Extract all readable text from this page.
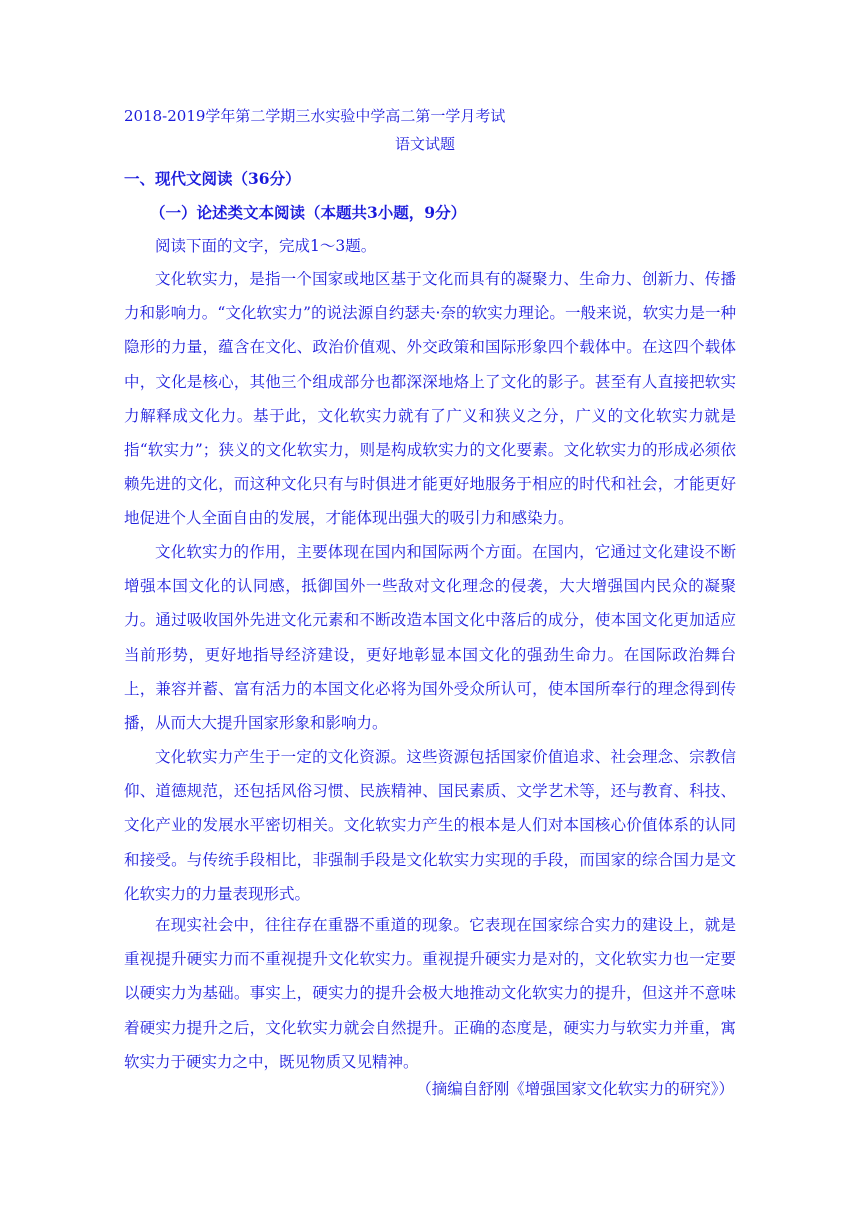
2018-2019学年第二学期三水实验中学高二第一学月考试
语文试题
一、现代文阅读（36分）
（一）论述类文本阅读（本题共3小题，9分）
阅读下面的文字，完成1～3题。

文化软实力，是指一个国家或地区基于文化而具有的凝聚力、生命力、创新力、传播力和影响力。“文化软实力”的说法源自约瑟夫·奈的软实力理论。一般来说，软实力是一种隐形的力量，蕴含在文化、政治价值观、外交政策和国际形象四个载体中。在这四个载体中，文化是核心，其他三个组成部分也都深深地烙上了文化的影子。甚至有人直接把软实力解释成文化力。基于此，文化软实力就有了广义和狭义之分，广义的文化软实力就是指“软实力”；狭义的文化软实力，则是构成软实力的文化要素。文化软实力的形成必须依赖先进的文化，而这种文化只有与时俱进才能更好地服务于相应的时代和社会，才能更好地促进个人全面自由的发展，才能体现出强大的吸引力和感染力。

文化软实力的作用，主要体现在国内和国际两个方面。在国内，它通过文化建设不断增强本国文化的认同感，抵御国外一些敌对文化理念的侵袭，大大增强国内民众的凝聚力。通过吸收国外先进文化元素和不断改造本国文化中落后的成分，使本国文化更加适应当前形势，更好地指导经济建设，更好地彰显本国文化的强劲生命力。在国际政治舞台上，兼容并蓄、富有活力的本国文化必将为国外受众所认可，使本国所奉行的理念得到传播，从而大大提升国家形象和影响力。

文化软实力产生于一定的文化资源。这些资源包括国家价值追求、社会理念、宗教信仰、道德规范，还包括风俗习惯、民族精神、国民素质、文学艺术等，还与教育、科技、文化产业的发展水平密切相关。文化软实力产生的根本是人们对本国核心价值体系的认同和接受。与传统手段相比，非强制手段是文化软实力实现的手段，而国家的综合国力是文化软实力的力量表现形式。

在现实社会中，往往存在重器不重道的现象。它表现在国家综合实力的建设上，就是重视提升硬实力而不重视提升文化软实力。重视提升硬实力是对的，文化软实力也一定要以硬实力为基础。事实上，硬实力的提升会极大地推动文化软实力的提升，但这并不意味着硬实力提升之后，文化软实力就会自然提升。正确的态度是，硬实力与软实力并重，寓软实力于硬实力之中，既见物质又见精神。

（摘编自舒刚《增强国家文化软实力的研究》）
